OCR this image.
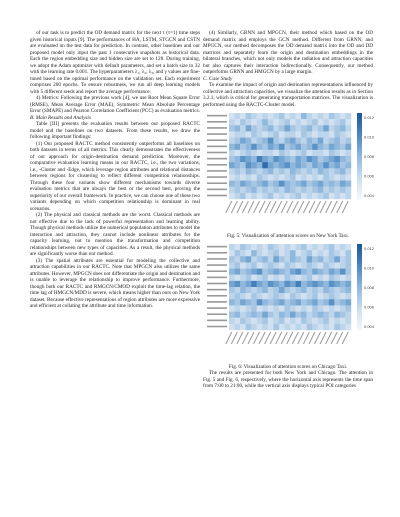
of our task is to predict the OD demand matrix for the next τ (τ=1) time steps given historical inputs [9]. The performances of HA, LSTM, STGCN and CSTN are evaluated on the test data for prediction. In contrast, other baselines and our proposed model only input the past 1 consecutive snapshots as historical data. Each the region embedding size and hidden size are set to 128. During training, we adopt the Adam optimizer with default parameters, and set a batch size to 32 with the learning rate 0.001. The hyperparameters λ₁, λ₂, λ₃, and γ values are fine-tuned based on the optimal performance on the validation set. Each experiment comprises 200 epochs. To ensure robustness, we run all deep learning models with 5 different seeds and report the average performance.

4) Metrics: Following the previous work [4], we use Root Mean Square Error (RMSE), Mean Average Error (MAE), Symmetric Mean Absolute Percentage Error (SMAPE) and Pearson Correlation Coefficient (PCC) as evaluation metrics.

B. Main Results and Analysis

Table [III] presents the evaluation results between our proposed RACTC model and the baselines on two datasets. From these results, we draw the following important findings:

(1) Our proposed RACTC method consistently outperforms all baselines on both datasets in terms of all metrics. This clearly demonstrates the effectiveness of our approach for origin-destination demand prediction. Moreover, the comparative evaluation learning means in our RACTC, i.e., the two variations, i.e., -Cluster and -Edge, which leverage region attributes and relational distances between regions for clustering to reflect different competition relationships. Through these four variants show different mechanisms towards diverse evaluation metrics that are always the best or the second best, proving the superiority of our overall framework. In practice, we can choose one of these two variants depending on which competition relationship is dominant in real scenarios.

(2) The physical and classical methods are the worst. Classical methods are not effective due to the lack of powerful representation and learning ability. Though physical methods utilize the numerical population attributes to model the interaction and attraction, they cannot include nonlinear attributes for the capacity learning, not to mention the transformation and competition relationships between new types of capacities. As a result, the physical methods are significantly worse than our method.

(3) The spatial attributes are essential for modeling the collective and attraction capabilities in our RACTC. Note that MPGCN also utilizes the same attributes. However, MPGCN does not differentiate the origin and destination and is unable to leverage the relationship to improve performance. Furthermore, though both our RACTC and RMGCN/CMOD exploit the time-lag relation, the time lag of HMGCN/MDD is severe, which means higher than ours on New York dataset. Because effective representations of region attributes are more expressive and efficient at collating the attribute and time information.

(4) Similarly, GRNN and MPGCN, their method which based on the OD demand matrix and employs the GCN method. Different from GRNN, and MPGCN, our method decomposes the OD demand matrix into the OD and DD matrices and separately learn the origin and destination embeddings in the bilateral branches, which not only models the radiation and attraction capacities but also captures their interaction bidirectionally. Consequently, our method outperforms GRNN and HMGCN by a large margin.

C. Case Study

To examine the impact of origin and destination representations influenced by collective and attraction capacities, we visualize the attention results as in Section 3.2.1, which is critical for generating transportation matrices. The visualization is performed using the RACTC-Cluster model.

0.012
0.010
0.008
0.006
0.004

Fig. 5: Visualization of attention scores on New York Taxi.

0.012
0.010
0.008
0.006
0.004

Fig. 6: Visualization of attention scores on Chicago Taxi.

The results are presented for both New York and Chicago. The attention in Fig. 5 and Fig. 6, respectively, where the horizontal axis represents the time span from 7:00 to 21:00, while the vertical axis displays typical POI categories
